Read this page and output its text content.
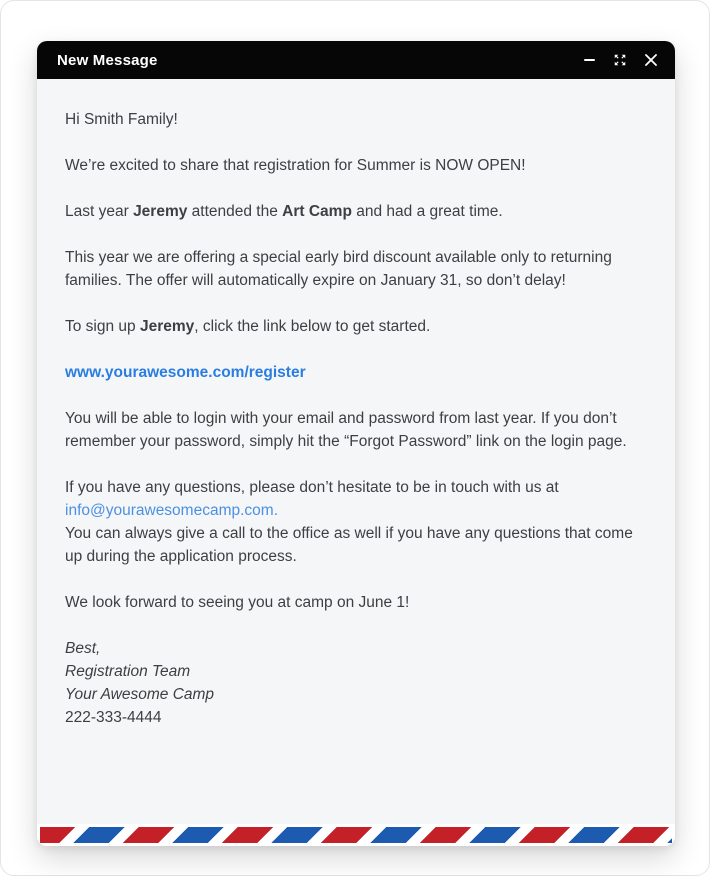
New Message

Hi Smith Family!

We’re excited to share that registration for Summer is NOW OPEN!

Last year Jeremy attended the Art Camp and had a great time.

This year we are offering a special early bird discount available only to returning families. The offer will automatically expire on January 31, so don’t delay!

To sign up Jeremy, click the link below to get started.

www.yourawesome.com/register

You will be able to login with your email and password from last year. If you don’t remember your password, simply hit the “Forgot Password” link on the login page.

If you have any questions, please don’t hesitate to be in touch with us at
info@yourawesomecamp.com.
You can always give a call to the office as well if you have any questions that come up during the application process.

We look forward to seeing you at camp on June 1!

Best,
Registration Team
Your Awesome Camp
222-333-4444
